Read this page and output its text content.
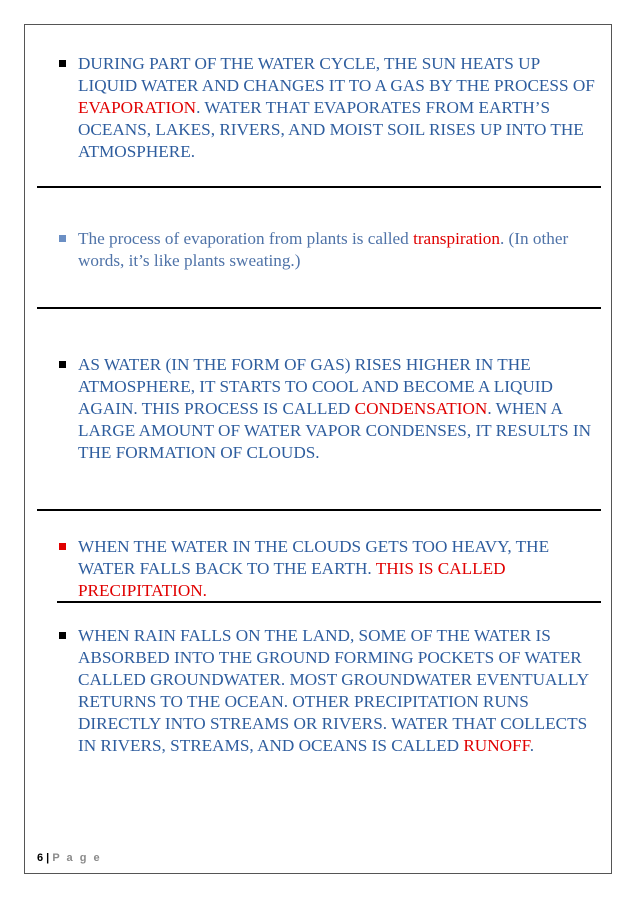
DURING PART OF THE WATER CYCLE, THE SUN HEATS UP LIQUID WATER AND CHANGES IT TO A GAS BY THE PROCESS OF EVAPORATION. WATER THAT EVAPORATES FROM EARTH’S OCEANS, LAKES, RIVERS, AND MOIST SOIL RISES UP INTO THE ATMOSPHERE.
The process of evaporation from plants is called transpiration. (In other words, it’s like plants sweating.)
AS WATER (IN THE FORM OF GAS) RISES HIGHER IN THE ATMOSPHERE, IT STARTS TO COOL AND BECOME A LIQUID AGAIN. THIS PROCESS IS CALLED CONDENSATION. WHEN A LARGE AMOUNT OF WATER VAPOR CONDENSES, IT RESULTS IN THE FORMATION OF CLOUDS.
WHEN THE WATER IN THE CLOUDS GETS TOO HEAVY, THE WATER FALLS BACK TO THE EARTH. THIS IS CALLED PRECIPITATION.
WHEN RAIN FALLS ON THE LAND, SOME OF THE WATER IS ABSORBED INTO THE GROUND FORMING POCKETS OF WATER CALLED GROUNDWATER. MOST GROUNDWATER EVENTUALLY RETURNS TO THE OCEAN. OTHER PRECIPITATION RUNS DIRECTLY INTO STREAMS OR RIVERS. WATER THAT COLLECTS IN RIVERS, STREAMS, AND OCEANS IS CALLED RUNOFF.
6 | P a g e
